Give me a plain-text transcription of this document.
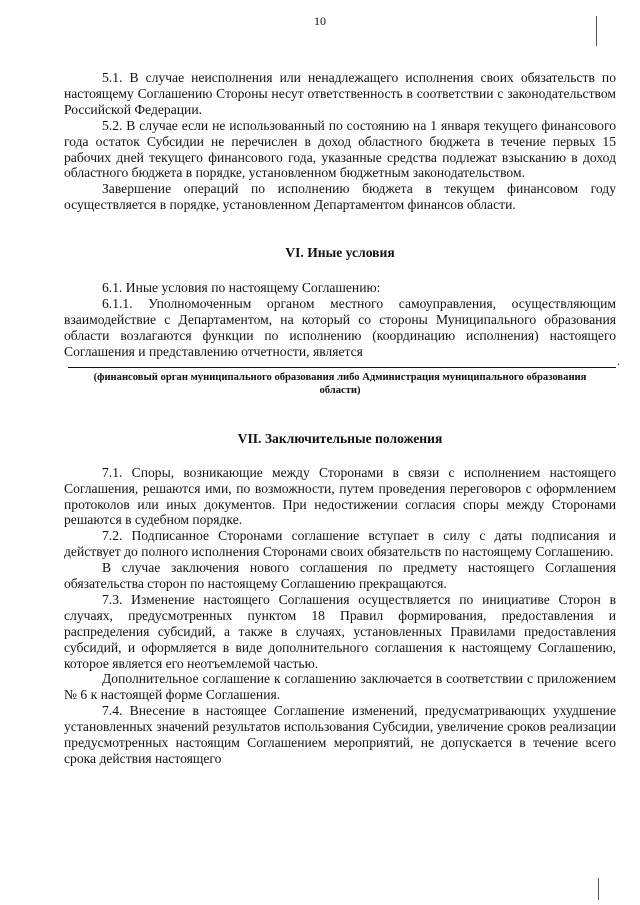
10

5.1. В случае неисполнения или ненадлежащего исполнения своих обязательств по настоящему Соглашению Стороны несут ответственность в соответствии с законодательством Российской Федерации.

5.2. В случае если не использованный по состоянию на 1 января текущего финансового года остаток Субсидии не перечислен в доход областного бюджета в течение первых 15 рабочих дней текущего финансового года, указанные средства подлежат взысканию в доход областного бюджета в порядке, установленном бюджетным законодательством.

Завершение операций по исполнению бюджета в текущем финансовом году осуществляется в порядке, установленном Департаментом финансов области.

VI. Иные условия

6.1. Иные условия по настоящему Соглашению:

6.1.1. Уполномоченным органом местного самоуправления, осуществляющим взаимодействие с Департаментом, на который со стороны Муниципального образования области возлагаются функции по исполнению (координацию исполнения) настоящего Соглашения и представлению отчетности, является

.
(финансовый орган муниципального образования либо Администрация муниципального образования области)
VII. Заключительные положения

7.1. Споры, возникающие между Сторонами в связи с исполнением настоящего Соглашения, решаются ими, по возможности, путем проведения переговоров с оформлением протоколов или иных документов. При недостижении согласия споры между Сторонами решаются в судебном порядке.

7.2. Подписанное Сторонами соглашение вступает в силу с даты подписания и действует до полного исполнения Сторонами своих обязательств по настоящему Соглашению.

В случае заключения нового соглашения по предмету настоящего Соглашения обязательства сторон по настоящему Соглашению прекращаются.

7.3. Изменение настоящего Соглашения осуществляется по инициативе Сторон в случаях, предусмотренных пунктом 18 Правил формирования, предоставления и распределения субсидий, а также в случаях, установленных Правилами предоставления субсидий, и оформляется в виде дополнительного соглашения к настоящему Соглашению, которое является его неотъемлемой частью.

Дополнительное соглашение к соглашению заключается в соответствии с приложением № 6 к настоящей форме Соглашения.

7.4. Внесение в настоящее Соглашение изменений, предусматривающих ухудшение установленных значений результатов использования Субсидии, увеличение сроков реализации предусмотренных настоящим Соглашением мероприятий, не допускается в течение всего срока действия настоящего
